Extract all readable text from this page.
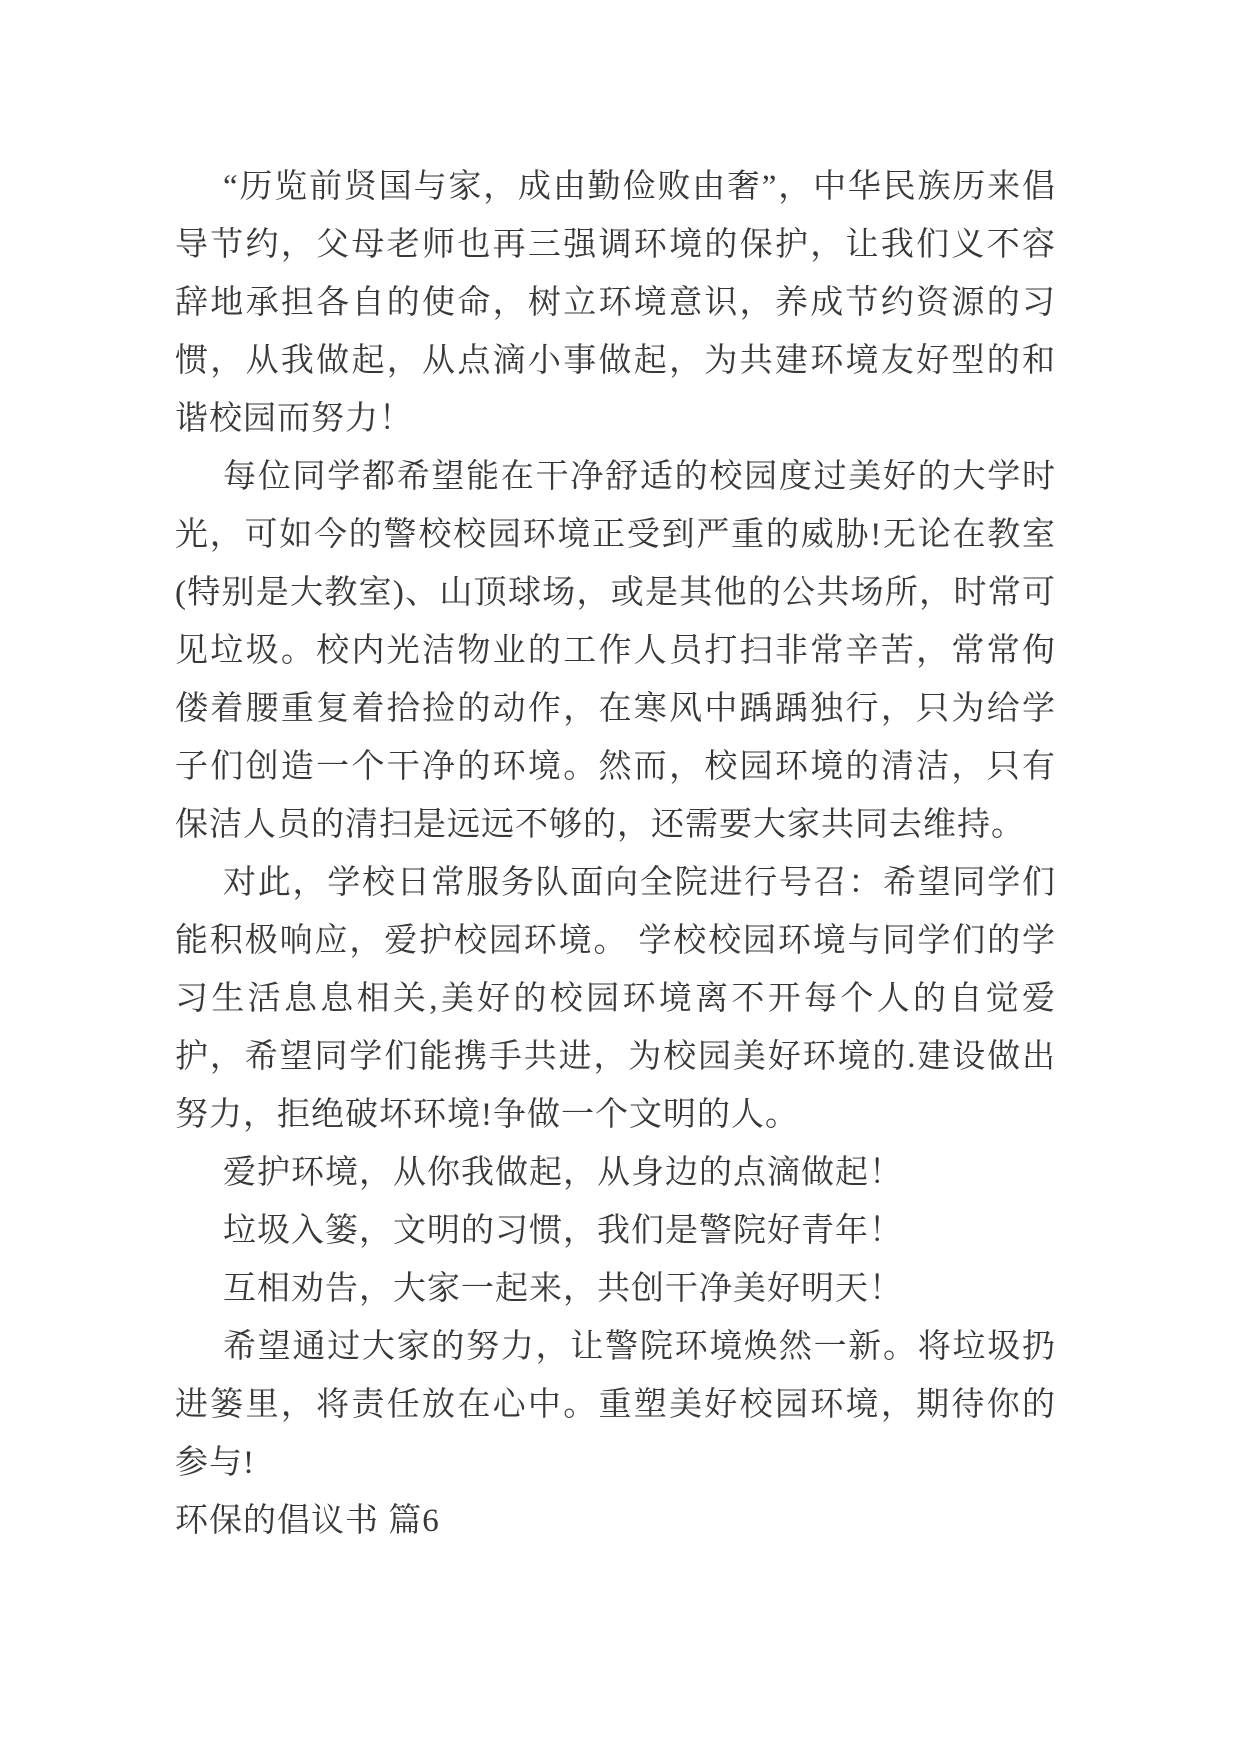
“历览前贤国与家，成由勤俭败由奢”，中华民族历来倡导节约，父母老师也再三强调环境的保护，让我们义不容辞地承担各自的使命，树立环境意识，养成节约资源的习惯，从我做起，从点滴小事做起，为共建环境友好型的和谐校园而努力！

每位同学都希望能在干净舒适的校园度过美好的大学时光，可如今的警校校园环境正受到严重的威胁!无论在教室(特别是大教室)、山顶球场，或是其他的公共场所，时常可见垃圾。校内光洁物业的工作人员打扫非常辛苦，常常佝偻着腰重复着拾捡的动作，在寒风中踽踽独行，只为给学子们创造一个干净的环境。然而，校园环境的清洁，只有保洁人员的清扫是远远不够的，还需要大家共同去维持。

对此，学校日常服务队面向全院进行号召：希望同学们能积极响应，爱护校园环境。 学校校园环境与同学们的学习生活息息相关,美好的校园环境离不开每个人的自觉爱护，希望同学们能携手共进，为校园美好环境的.建设做出努力，拒绝破坏环境!争做一个文明的人。

爱护环境，从你我做起，从身边的点滴做起！

垃圾入篓，文明的习惯，我们是警院好青年！

互相劝告，大家一起来，共创干净美好明天！

希望通过大家的努力，让警院环境焕然一新。将垃圾扔进篓里，将责任放在心中。重塑美好校园环境，期待你的参与!

环保的倡议书 篇6
